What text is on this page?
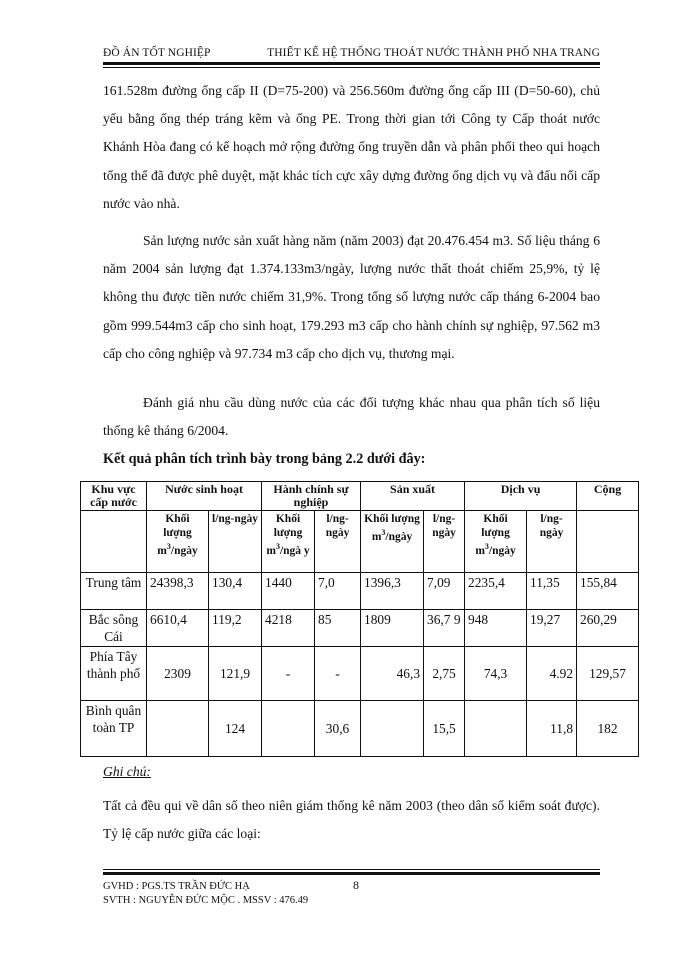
ĐỒ ÁN TỐT NGHIỆP	THIẾT KẾ HỆ THỐNG THOÁT NƯỚC THÀNH PHỐ NHA TRANG

161.528m đường ống cấp II (D=75-200) và 256.560m đường ống cấp III (D=50-60), chủ yếu bằng ống thép tráng kẽm và ống PE. Trong thời gian tới Công ty Cấp thoát nước Khánh Hòa đang có kế hoạch mở rộng đường ống truyền dẫn và phân phối theo qui hoạch tổng thể đã được phê duyệt, mặt khác tích cực xây dựng đường ống dịch vụ và đấu nối cấp nước vào nhà.

Sản lượng nước sản xuất hàng năm (năm 2003) đạt 20.476.454 m3. Số liệu tháng 6 năm 2004 sản lượng đạt 1.374.133m3/ngày, lượng nước thất thoát chiếm 25,9%, tỷ lệ không thu được tiền nước chiếm 31,9%. Trong tổng số lượng nước cấp tháng 6-2004 bao gồm 999.544m3 cấp cho sinh hoạt, 179.293 m3 cấp cho hành chính sự nghiệp, 97.562 m3 cấp cho công nghiệp và 97.734 m3 cấp cho dịch vụ, thương mại.

Đánh giá nhu cầu dùng nước của các đối tượng khác nhau qua phân tích số liệu thống kê tháng 6/2004.

Kết quả phân tích trình bày trong bảng 2.2 dưới đây:
Khu vực cấp nước	Nước sinh hoạt		Hành chính sự nghiệp		Sản xuất		Dịch vụ		Cộng
	Khối lượng $m^3$/ngày	l/ng-ngày	Khối lượng $m^3$/ngà y	l/ng-ngày	Khối lượng $m^3$/ngày	l/ng-ngày	Khối lượng $m^3$/ngày	l/ng-ngày	
Trung tâm	24398,3	130,4	1440	7,0	1396,3	7,09	2235,4	11,35	155,84
Bắc sông Cái	6610,4	119,2	4218	85	1809	36,7 9	948	19,27	260,29
Phía Tây thành phố	2309	121,9	-	-	46,3	2,75	74,3	4.92	129,57
Bình quân toàn TP		124		30,6		15,5		11,8	182
Ghi chú:

Tất cả đều qui về dân số theo niên giám thống kê năm 2003 (theo dân số kiểm soát được). Tỷ lệ cấp nước giữa các loại:

GVHD : PGS.TS TRẦN ĐỨC HẠ
SVTH : NGUYỄN ĐỨC MỘC . MSSV : 476.49
8
